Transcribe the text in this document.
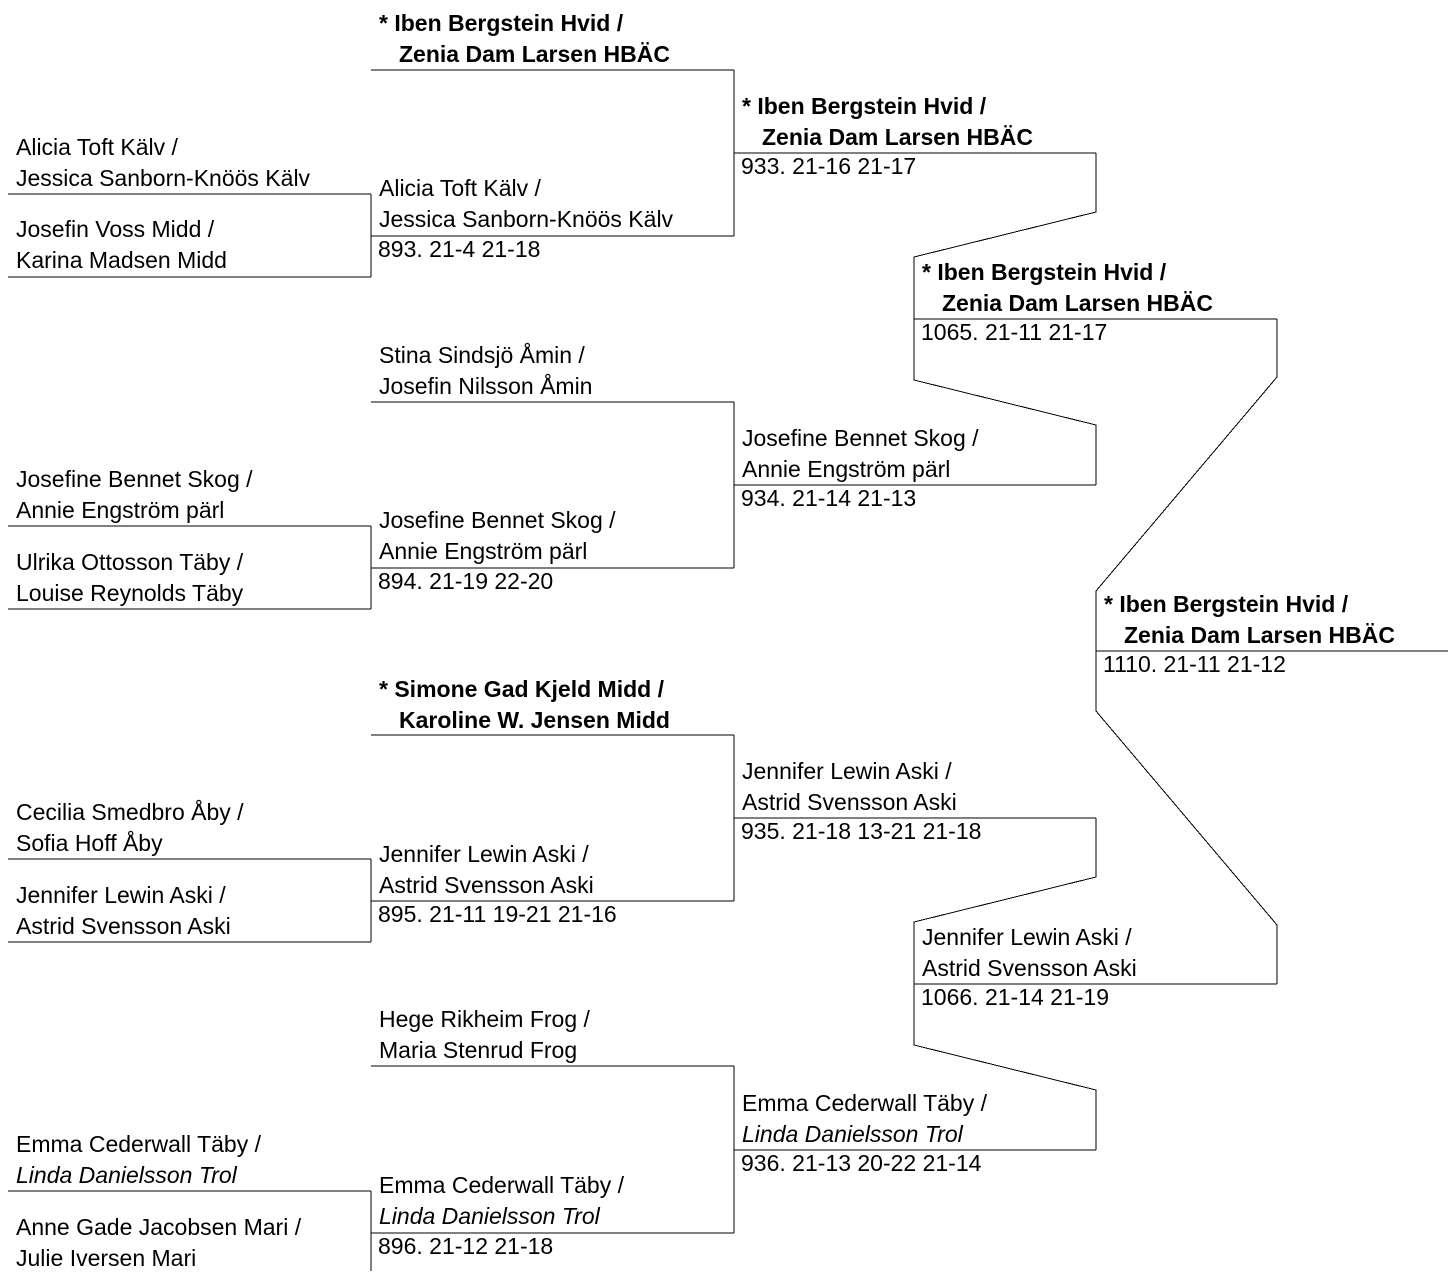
Alicia Toft Kälv /
Jessica Sanborn-Knöös Kälv
Josefin Voss Midd /
Karina Madsen Midd
Josefine Bennet Skog /
Annie Engström pärl
Ulrika Ottosson Täby /
Louise Reynolds Täby
Cecilia Smedbro Åby /
Sofia Hoff Åby
Jennifer Lewin Aski /
Astrid Svensson Aski
Emma Cederwall Täby /
Linda Danielsson Trol
Anne Gade Jacobsen Mari /
Julie Iversen Mari
* Iben Bergstein Hvid /
Zenia Dam Larsen HBÄC
Alicia Toft Kälv /
Jessica Sanborn-Knöös Kälv
Stina Sindsjö Åmin /
Josefin Nilsson Åmin
Josefine Bennet Skog /
Annie Engström pärl
* Simone Gad Kjeld Midd /
Karoline W. Jensen Midd
Jennifer Lewin Aski /
Astrid Svensson Aski
Hege Rikheim Frog /
Maria Stenrud Frog
Emma Cederwall Täby /
Linda Danielsson Trol
* Iben Bergstein Hvid /
Zenia Dam Larsen HBÄC
Josefine Bennet Skog /
Annie Engström pärl
Jennifer Lewin Aski /
Astrid Svensson Aski
Emma Cederwall Täby /
Linda Danielsson Trol
* Iben Bergstein Hvid /
Zenia Dam Larsen HBÄC
Jennifer Lewin Aski /
Astrid Svensson Aski
* Iben Bergstein Hvid /
Zenia Dam Larsen HBÄC
893. 21-4 21-18
894. 21-19 22-20
895. 21-11 19-21 21-16
896. 21-12 21-18
933. 21-16 21-17
934. 21-14 21-13
935. 21-18 13-21 21-18
936. 21-13 20-22 21-14
1065. 21-11 21-17
1066. 21-14 21-19
1110. 21-11 21-12
